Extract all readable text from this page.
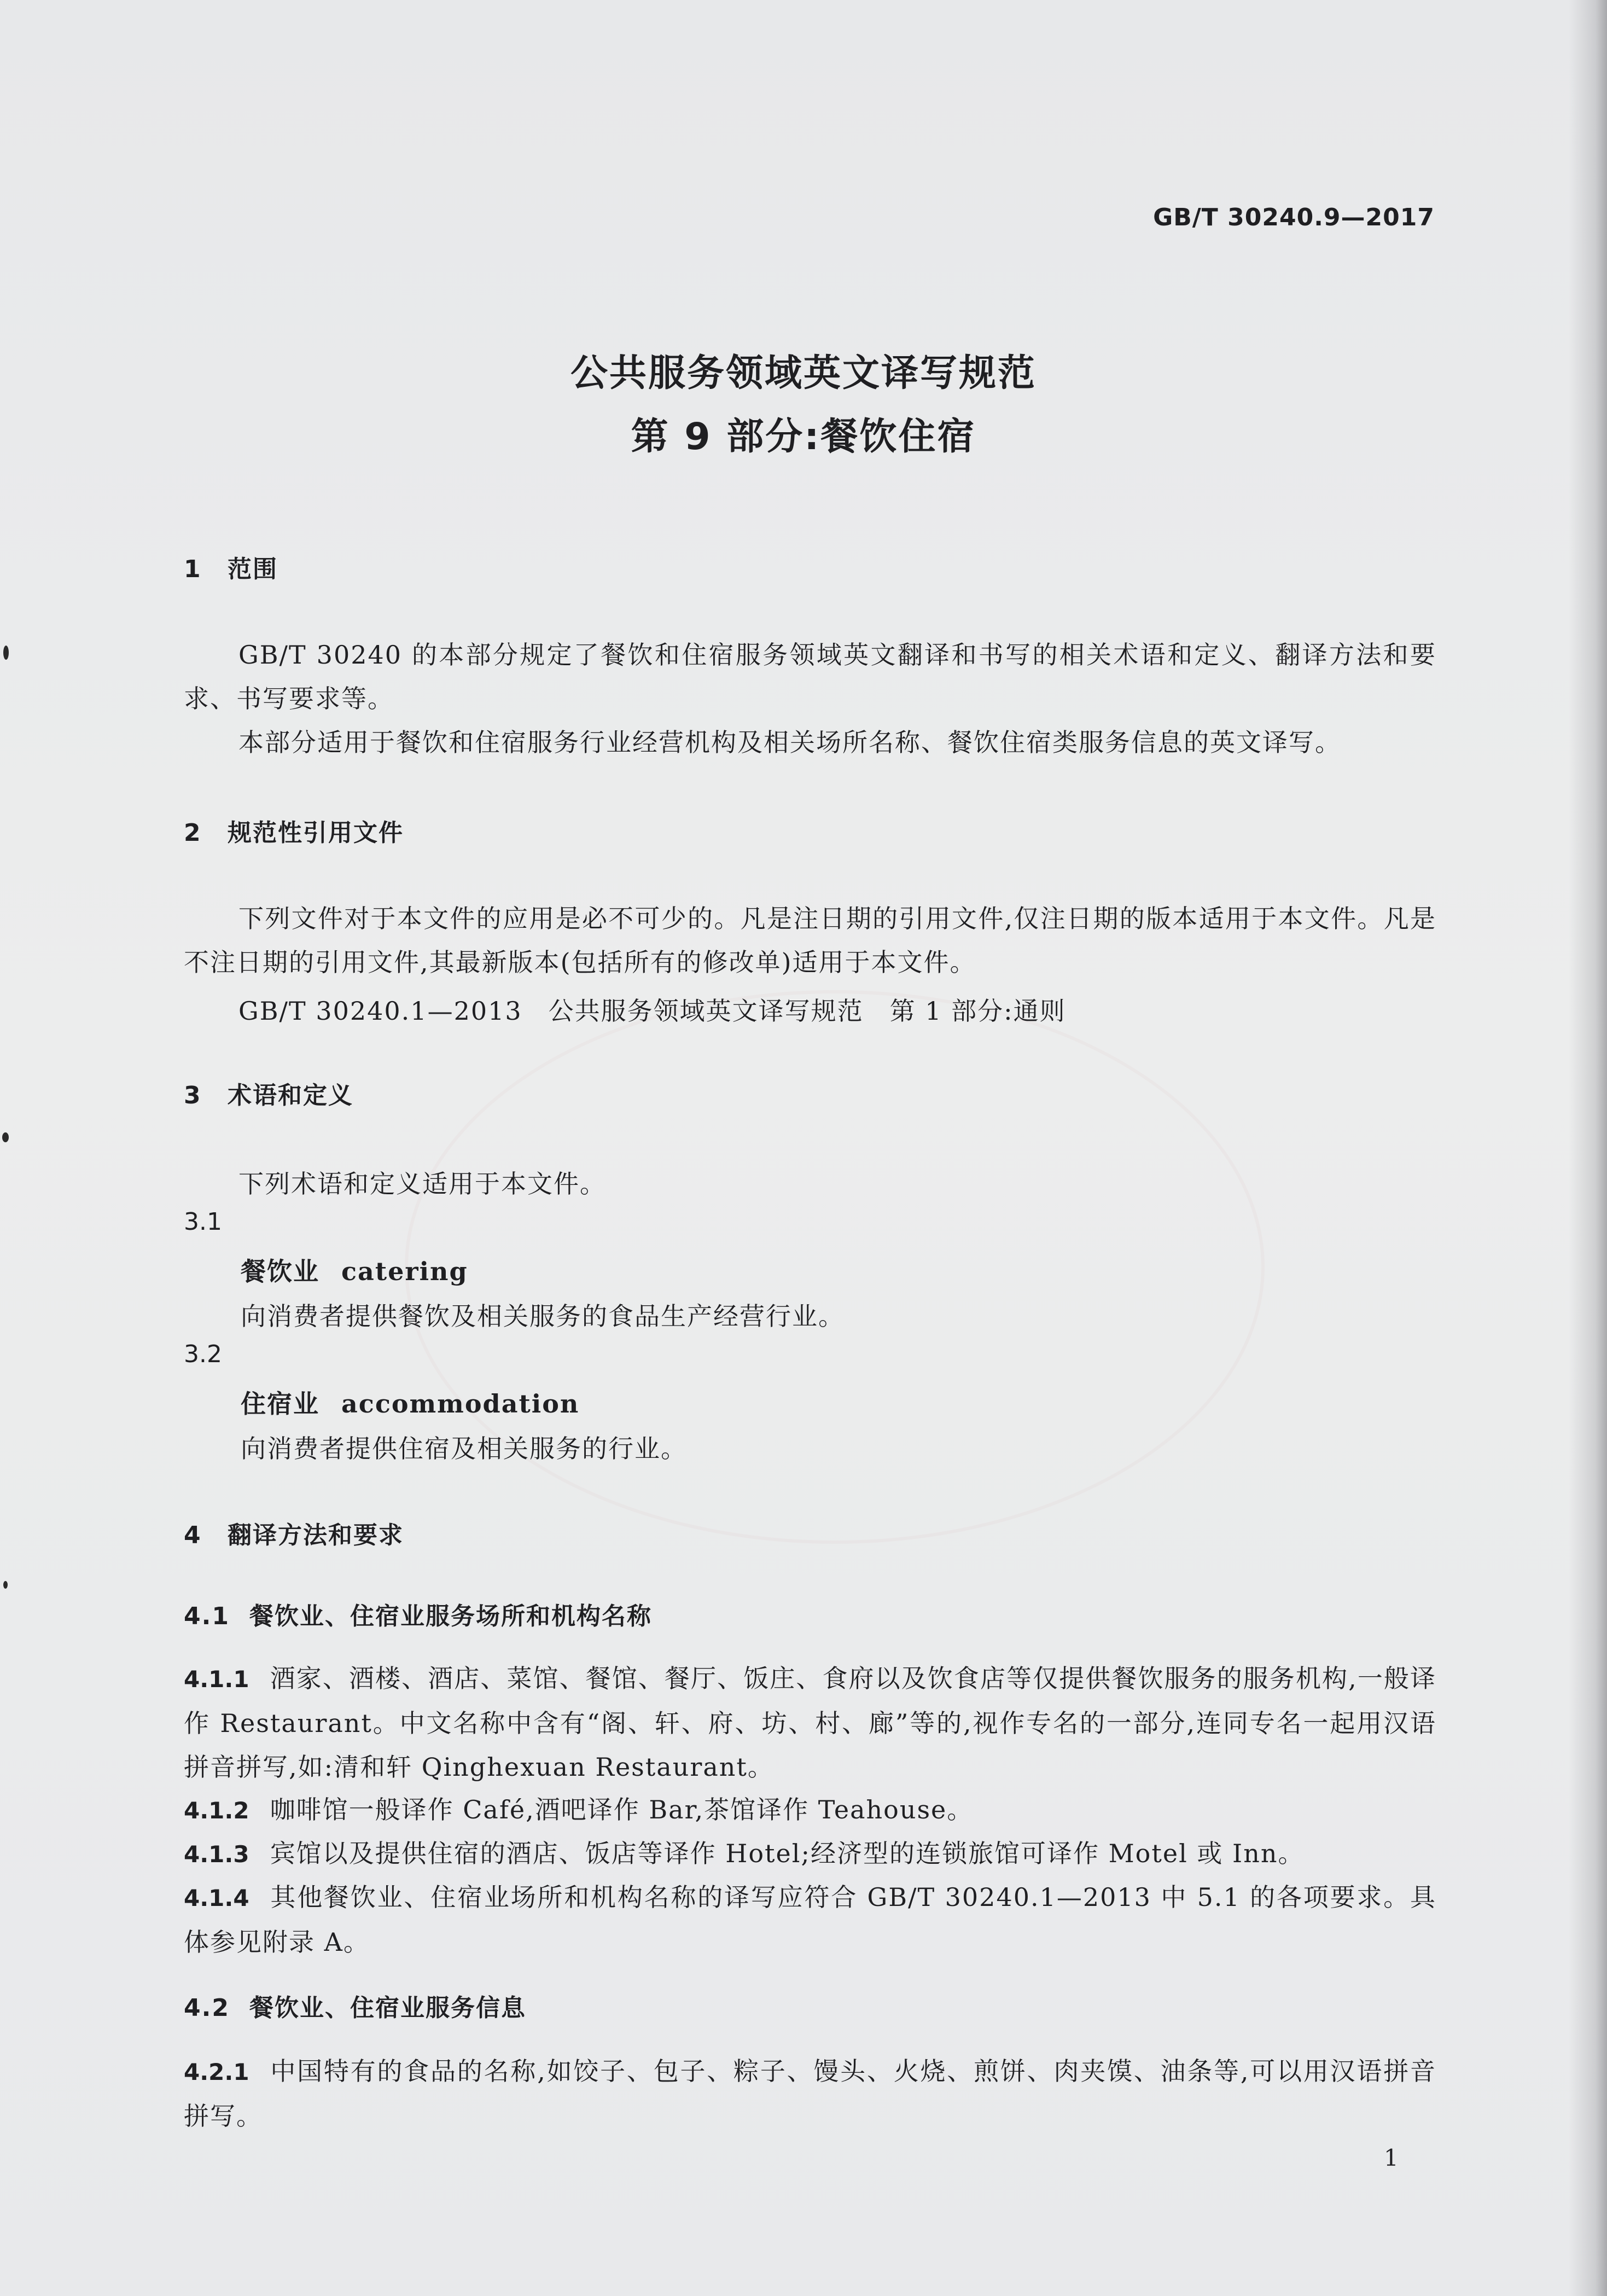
GB/T 30240.9—2017
公共服务领域英文译写规范
第 9 部分:餐饮住宿
1 范围
GB/T 30240 的本部分规定了餐饮和住宿服务领域英文翻译和书写的相关术语和定义、翻译方法和要求、书写要求等。
本部分适用于餐饮和住宿服务行业经营机构及相关场所名称、餐饮住宿类服务信息的英文译写。
2 规范性引用文件
下列文件对于本文件的应用是必不可少的。凡是注日期的引用文件,仅注日期的版本适用于本文件。凡是不注日期的引用文件,其最新版本(包括所有的修改单)适用于本文件。
GB/T 30240.1—2013　公共服务领域英文译写规范　第 1 部分:通则
3 术语和定义
下列术语和定义适用于本文件。
3.1
餐饮业 catering
向消费者提供餐饮及相关服务的食品生产经营行业。
3.2
住宿业 accommodation
向消费者提供住宿及相关服务的行业。
4 翻译方法和要求
4.1 餐饮业、住宿业服务场所和机构名称
4.1.1 酒家、酒楼、酒店、菜馆、餐馆、餐厅、饭庄、食府以及饮食店等仅提供餐饮服务的服务机构,一般译作 Restaurant。中文名称中含有“阁、轩、府、坊、村、廊”等的,视作专名的一部分,连同专名一起用汉语拼音拼写,如:清和轩 Qinghexuan Restaurant。
4.1.2 咖啡馆一般译作 Café,酒吧译作 Bar,茶馆译作 Teahouse。
4.1.3 宾馆以及提供住宿的酒店、饭店等译作 Hotel;经济型的连锁旅馆可译作 Motel 或 Inn。
4.1.4 其他餐饮业、住宿业场所和机构名称的译写应符合 GB/T 30240.1—2013 中 5.1 的各项要求。具体参见附录 A。
4.2 餐饮业、住宿业服务信息
4.2.1 中国特有的食品的名称,如饺子、包子、粽子、馒头、火烧、煎饼、肉夹馍、油条等,可以用汉语拼音拼写。
1
